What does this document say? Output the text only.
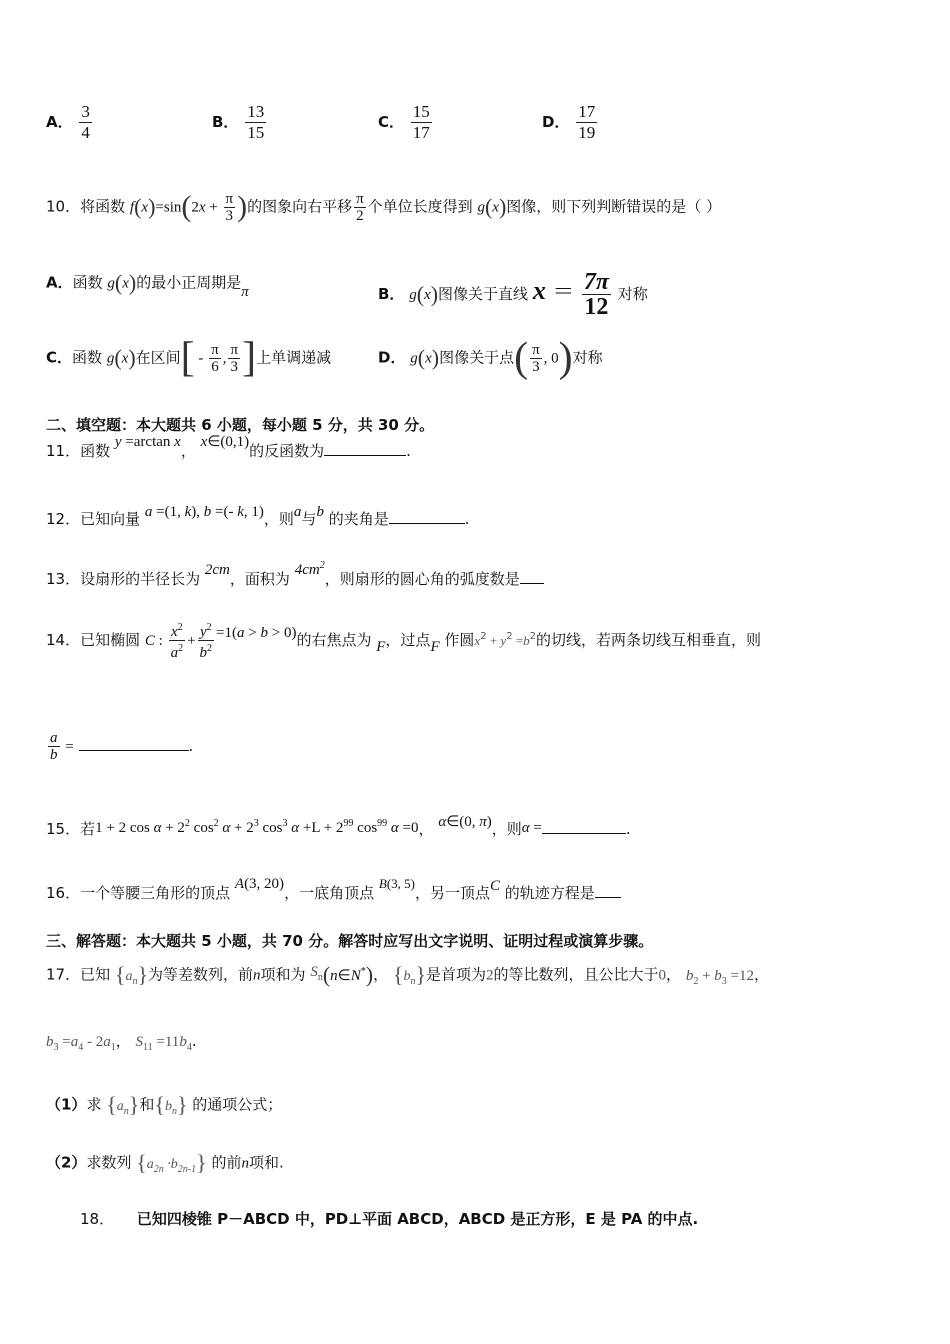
A． $\frac{3}{4}$	B． $\frac{13}{15}$	C． $\frac{15}{17}$	D． $\frac{17}{19}$
10．将函数 $f(x)=\sin(2x + \frac{\pi}{3}$ )的图象向右平移 $\frac{\pi}{2}$ 个单位长度得到 g(x)图像，则下列判断错误的是（ ）
A．函数 g(x)的最小正周期是π	B． g(x)图像关于直线 $x = \frac{7\pi}{12}$ 对称
C．函数 g(x)在区间[ - $\frac{\pi}{6}$ , $\frac{\pi}{3}$ ]上单调递减	D． g(x)图像关于点( $\frac{\pi}{3}$ , 0)对称
二、填空题：本大题共 6 小题，每小题 5 分，共 30 分。
11．函数 y =arctan x， x∈(0,1)的反函数为	.
12．已知向量 a =(1, k), b =(- k, 1)，则a与b 的夹角是	.
13．设扇形的半径长为 2cm，面积为 $4cm^2$，则扇形的圆心角的弧度数是
14．已知椭圆 C : $\frac{x^2}{a^2} + \frac{y^2}{b^2} =1(a > b > 0)$的右焦点为 F，过点F 作圆$x^2 + y^2 =b^2$的切线，若两条切线互相垂直，则
$\frac{a}{b}$ =	.
15．若1 + 2 $\cos \alpha + 2^2$ $\cos^2 \alpha + 2^3$ $\cos^3 \alpha +L + 2^{99}$ $\cos^{99} \alpha =0$， α∈(0, π)，则α =	.
16．一个等腰三角形的顶点 A(3, 20)，一底角顶点 B(3, 5)，另一顶点C 的轨迹方程是
三、解答题：本大题共 5 小题，共 70 分。解答时应写出文字说明、证明过程或演算步骤。
17．已知 $\{a_n\}$为等差数列，前n项和为 $S_n(n\in N^*)$， $\{b_n\}$是首项为2的等比数列，且公比大于0， $b_2 + b_3 =12$，
$b_3 =a_4 - 2a_1$， $S_{11} =11b_4$.
（1）求 $\{a_n\}$和$\{b_n\}$ 的通项公式；
（2）求数列 $\{a_{2n} \cdot b_{2n-1}\}$ 的前n项和.
18． 已知四棱锥 P－ABCD 中，PD⊥平面 ABCD，ABCD 是正方形，E 是 PA 的中点.
